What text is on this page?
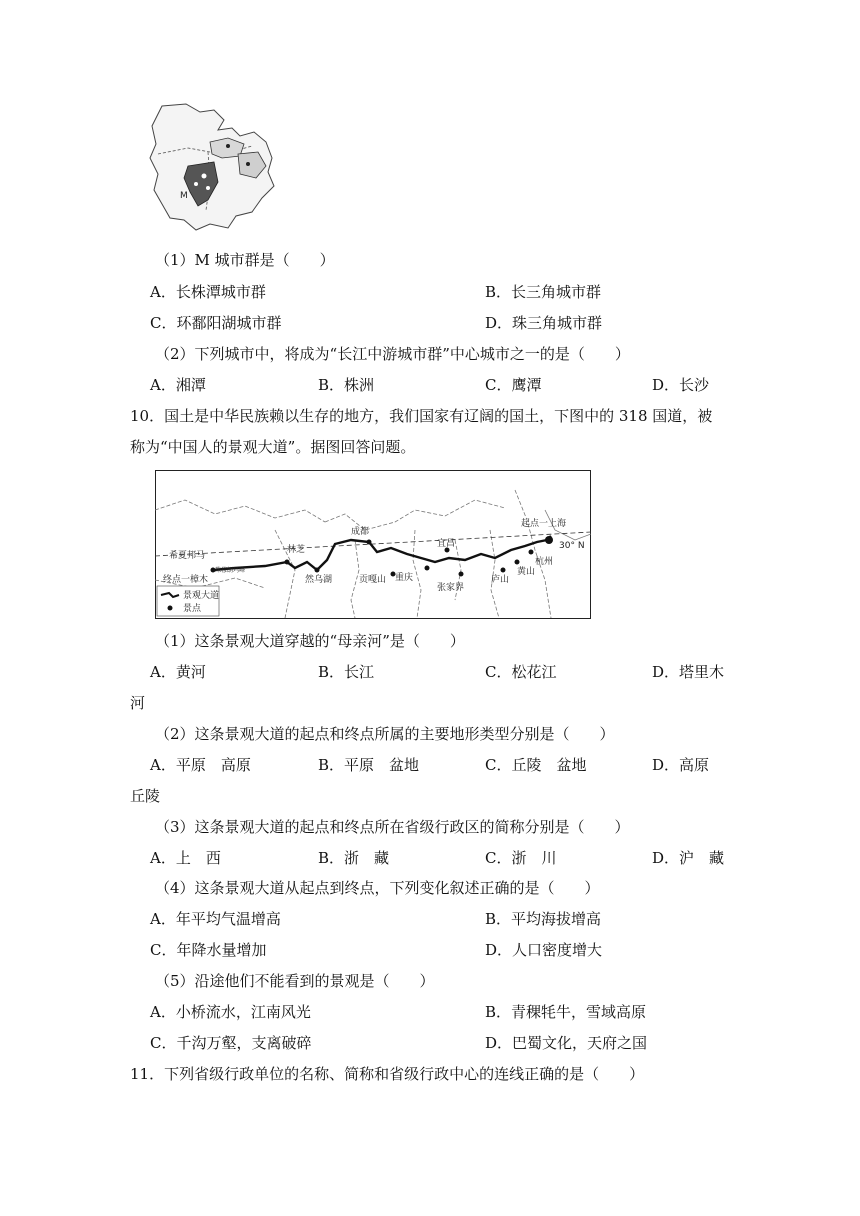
M
（1）M 城市群是（　　）
A．长株潭城市群	B．长三角城市群
C．环鄱阳湖城市群	D．珠三角城市群
（2）下列城市中，将成为“长江中游城市群”中心城市之一的是（　　）
A．湘潭	B．株洲	C．鹰潭	D．长沙
10．国土是中华民族赖以生存的地方，我们国家有辽阔的国土，下图中的 318 国道，被
称为“中国人的景观大道”。据图回答问题。
起点一上海
30° N
希夏邦马
珠穆朗玛峰
终点一樟木
林芝
成都
宜昌
然乌湖	贡嘎山 重庆
张家界
庐山
黄山
杭州
景观大道
景点
（1）这条景观大道穿越的“母亲河”是（　　）
A．黄河	B．长江	C．松花江	D．塔里木
河
（2）这条景观大道的起点和终点所属的主要地形类型分别是（　　）
A．平原　高原	B．平原　盆地	C．丘陵　盆地	D．高原
丘陵
（3）这条景观大道的起点和终点所在省级行政区的简称分别是（　　）
A．上　西	B．浙　藏	C．浙　川	D．沪　藏
（4）这条景观大道从起点到终点，下列变化叙述正确的是（　　）
A．年平均气温增高	B．平均海拔增高
C．年降水量增加	D．人口密度增大
（5）沿途他们不能看到的景观是（　　）
A．小桥流水，江南风光	B．青稞牦牛，雪域高原
C．千沟万壑，支离破碎	D．巴蜀文化，天府之国
11．下列省级行政单位的名称、简称和省级行政中心的连线正确的是（　　）
